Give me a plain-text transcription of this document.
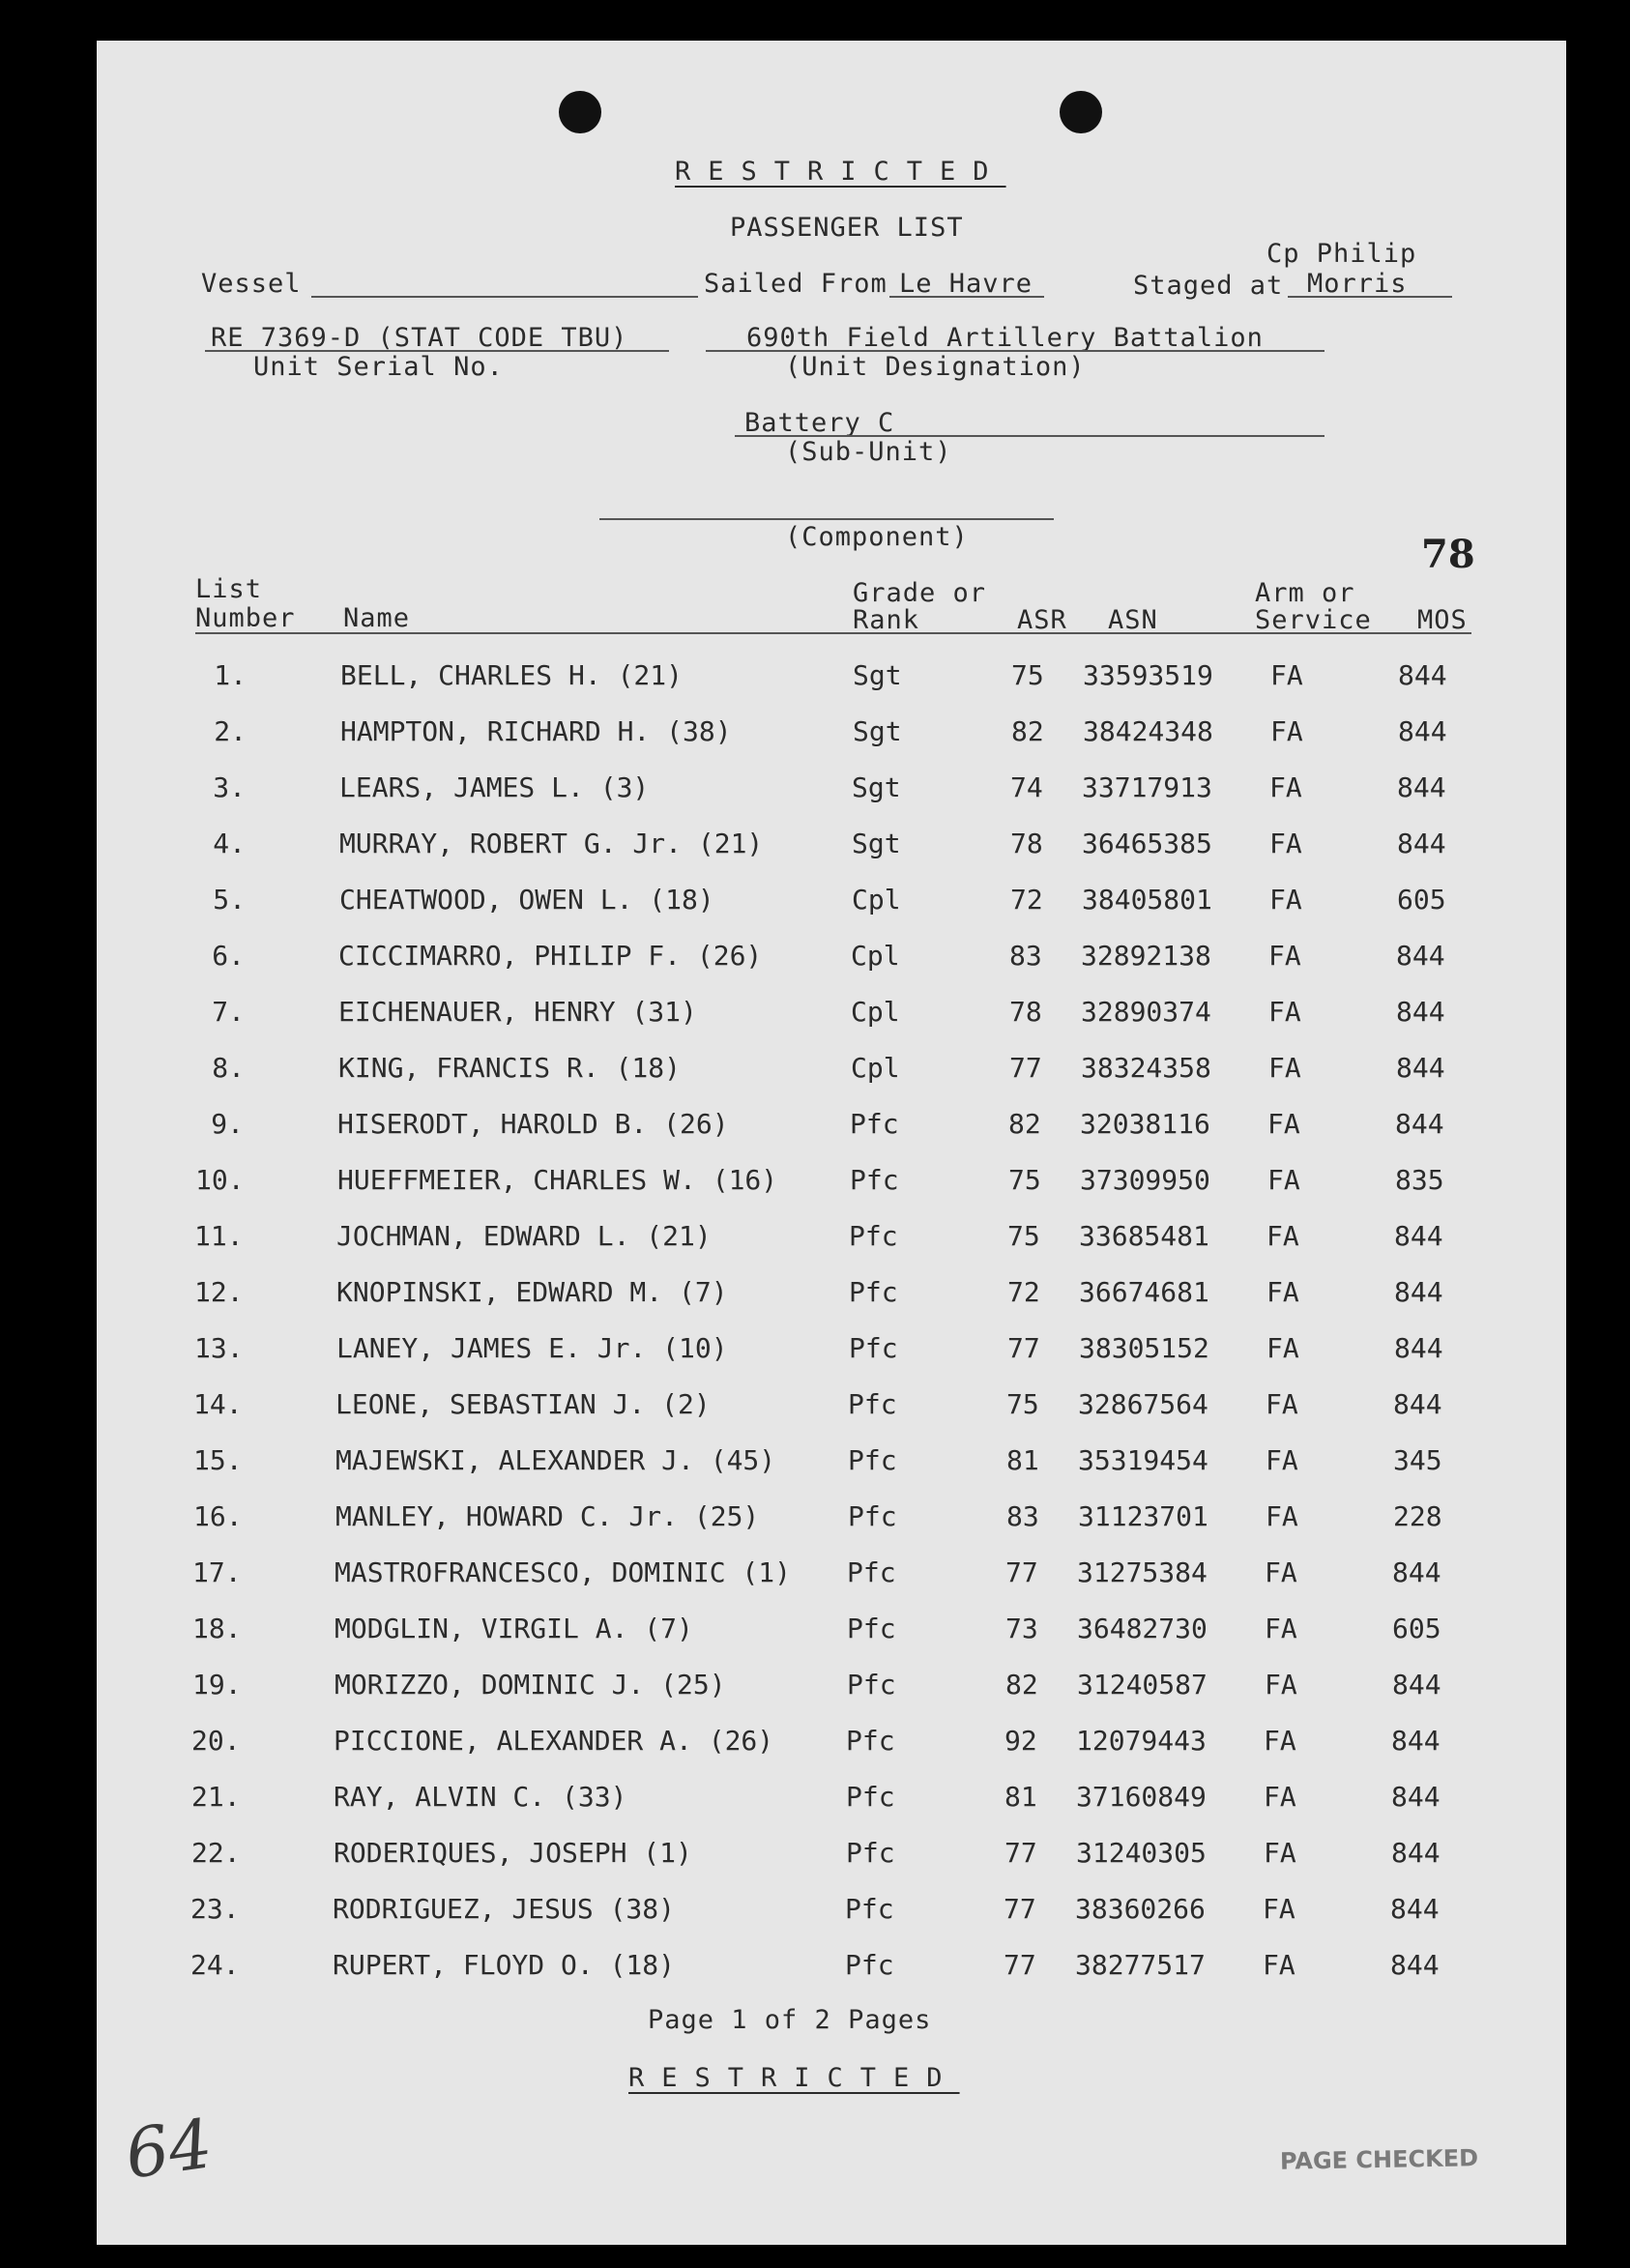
RESTRICTED
PASSENGER LIST
Vessel	Sailed From Le Havre	Staged at
Cp Philip
Morris
RE 7369-D (STAT CODE TBU)
Unit Serial No.
690th Field Artillery Battalion
(Unit Designation)
Battery C
(Sub-Unit)
(Component)	78
List
Number Name
Grade or
Rank	ASR ASN
Arm or
Service MOS
1.	BELL, CHARLES H. (21)	Sgt	75 33593519 FA	844
2.	HAMPTON, RICHARD H. (38)	Sgt	82 38424348 FA	844
3.	LEARS, JAMES L. (3)	Sgt	74 33717913 FA	844
4.	MURRAY, ROBERT G. Jr. (21)	Sgt	78 36465385 FA	844
5.	CHEATWOOD, OWEN L. (18)	Cpl	72 38405801 FA	605
6.	CICCIMARRO, PHILIP F. (26)	Cpl	83 32892138 FA	844
7.	EICHENAUER, HENRY (31)	Cpl	78 32890374 FA	844
8.	KING, FRANCIS R. (18)	Cpl	77 38324358 FA	844
9.	HISERODT, HAROLD B. (26)	Pfc	82 32038116 FA	844
10.	HUEFFMEIER, CHARLES W. (16)	Pfc	75 37309950 FA	835
11.	JOCHMAN, EDWARD L. (21)	Pfc	75 33685481 FA	844
12.	KNOPINSKI, EDWARD M. (7)	Pfc	72 36674681 FA	844
13.	LANEY, JAMES E. Jr. (10)	Pfc	77 38305152 FA	844
14.	LEONE, SEBASTIAN J. (2)	Pfc	75 32867564 FA	844
15.	MAJEWSKI, ALEXANDER J. (45)	Pfc	81 35319454 FA	345
16.	MANLEY, HOWARD C. Jr. (25)	Pfc	83 31123701 FA	228
17.	MASTROFRANCESCO, DOMINIC (1) Pfc	77 31275384 FA	844
18.	MODGLIN, VIRGIL A. (7)	Pfc	73 36482730 FA	605
19.	MORIZZO, DOMINIC J. (25)	Pfc	82 31240587 FA	844
20.	PICCIONE, ALEXANDER A. (26)	Pfc	92 12079443 FA	844
21.	RAY, ALVIN C. (33)	Pfc	81 37160849 FA	844
22.	RODERIQUES, JOSEPH (1)	Pfc	77 31240305 FA	844
23.	RODRIGUEZ, JESUS (38)	Pfc	77 38360266 FA	844
24.	RUPERT, FLOYD O. (18)	Pfc	77 38277517 FA	844
Page 1 of 2 Pages
RESTRICTED
64	PAGE CHECKED
